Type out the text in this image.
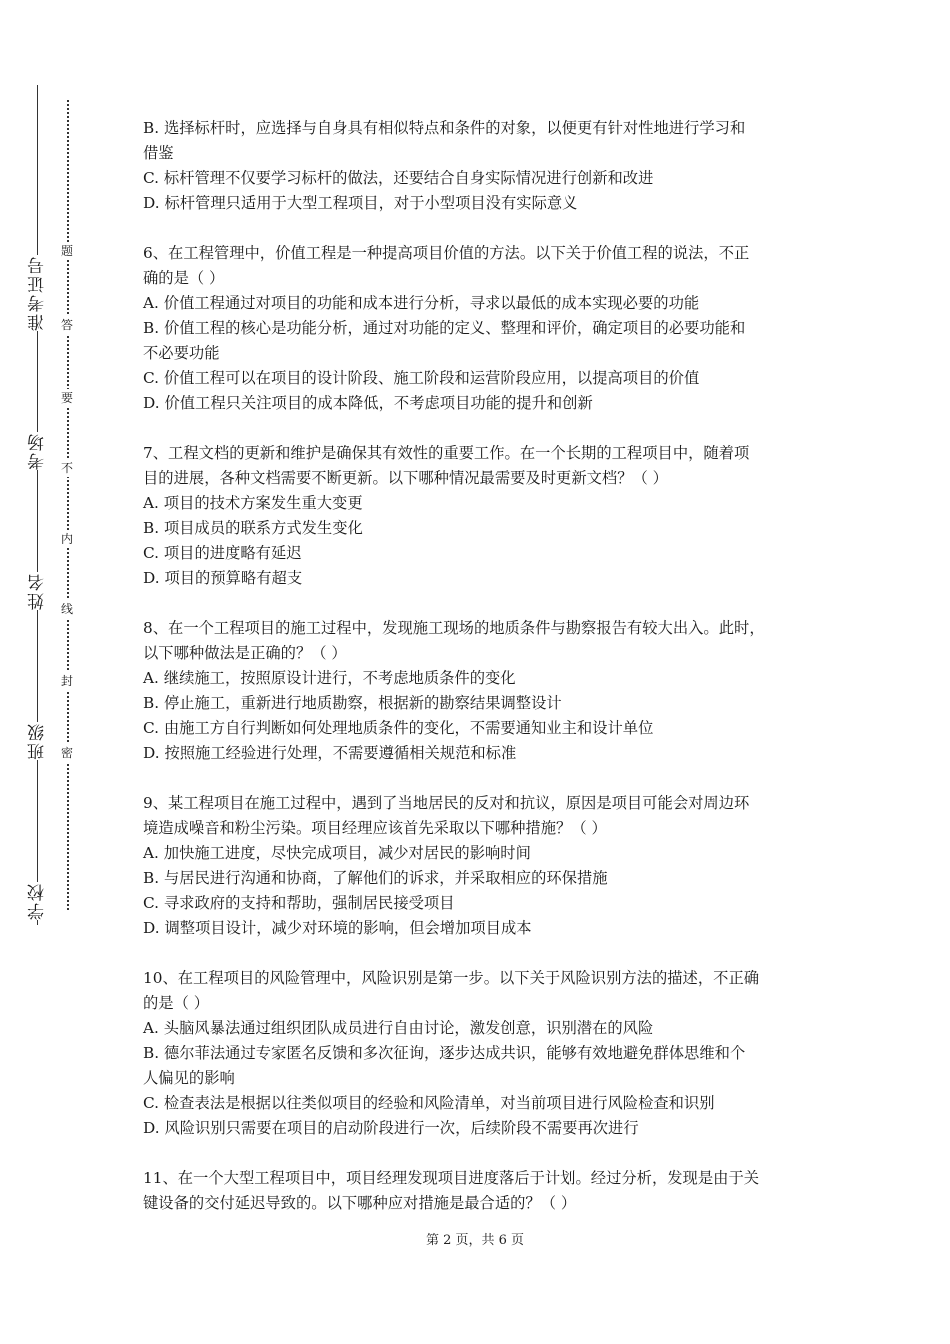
准考证号
考场
姓名
班级
学校
题
答
要
不
内
线
封
密

B. 选择标杆时，应选择与自身具有相似特点和条件的对象，以便更有针对性地进行学习和

借鉴

C. 标杆管理不仅要学习标杆的做法，还要结合自身实际情况进行创新和改进

D. 标杆管理只适用于大型工程项目，对于小型项目没有实际意义

6、在工程管理中，价值工程是一种提高项目价值的方法。以下关于价值工程的说法，不正

确的是（ ）

A. 价值工程通过对项目的功能和成本进行分析，寻求以最低的成本实现必要的功能

B. 价值工程的核心是功能分析，通过对功能的定义、整理和评价，确定项目的必要功能和

不必要功能

C. 价值工程可以在项目的设计阶段、施工阶段和运营阶段应用，以提高项目的价值

D. 价值工程只关注项目的成本降低，不考虑项目功能的提升和创新

7、工程文档的更新和维护是确保其有效性的重要工作。在一个长期的工程项目中，随着项

目的进展，各种文档需要不断更新。以下哪种情况最需要及时更新文档？（ ）

A. 项目的技术方案发生重大变更

B. 项目成员的联系方式发生变化

C. 项目的进度略有延迟

D. 项目的预算略有超支

8、在一个工程项目的施工过程中，发现施工现场的地质条件与勘察报告有较大出入。此时，

以下哪种做法是正确的？（ ）

A. 继续施工，按照原设计进行，不考虑地质条件的变化

B. 停止施工，重新进行地质勘察，根据新的勘察结果调整设计

C. 由施工方自行判断如何处理地质条件的变化，不需要通知业主和设计单位

D. 按照施工经验进行处理，不需要遵循相关规范和标准

9、某工程项目在施工过程中，遇到了当地居民的反对和抗议，原因是项目可能会对周边环

境造成噪音和粉尘污染。项目经理应该首先采取以下哪种措施？（ ）

A. 加快施工进度，尽快完成项目，减少对居民的影响时间

B. 与居民进行沟通和协商，了解他们的诉求，并采取相应的环保措施

C. 寻求政府的支持和帮助，强制居民接受项目

D. 调整项目设计，减少对环境的影响，但会增加项目成本

10、在工程项目的风险管理中，风险识别是第一步。以下关于风险识别方法的描述，不正确

的是（ ）

A. 头脑风暴法通过组织团队成员进行自由讨论，激发创意，识别潜在的风险

B. 德尔菲法通过专家匿名反馈和多次征询，逐步达成共识，能够有效地避免群体思维和个

人偏见的影响

C. 检查表法是根据以往类似项目的经验和风险清单，对当前项目进行风险检查和识别

D. 风险识别只需要在项目的启动阶段进行一次，后续阶段不需要再次进行

11、在一个大型工程项目中，项目经理发现项目进度落后于计划。经过分析，发现是由于关

键设备的交付延迟导致的。以下哪种应对措施是最合适的？（ ）

第 2 页，共 6 页
